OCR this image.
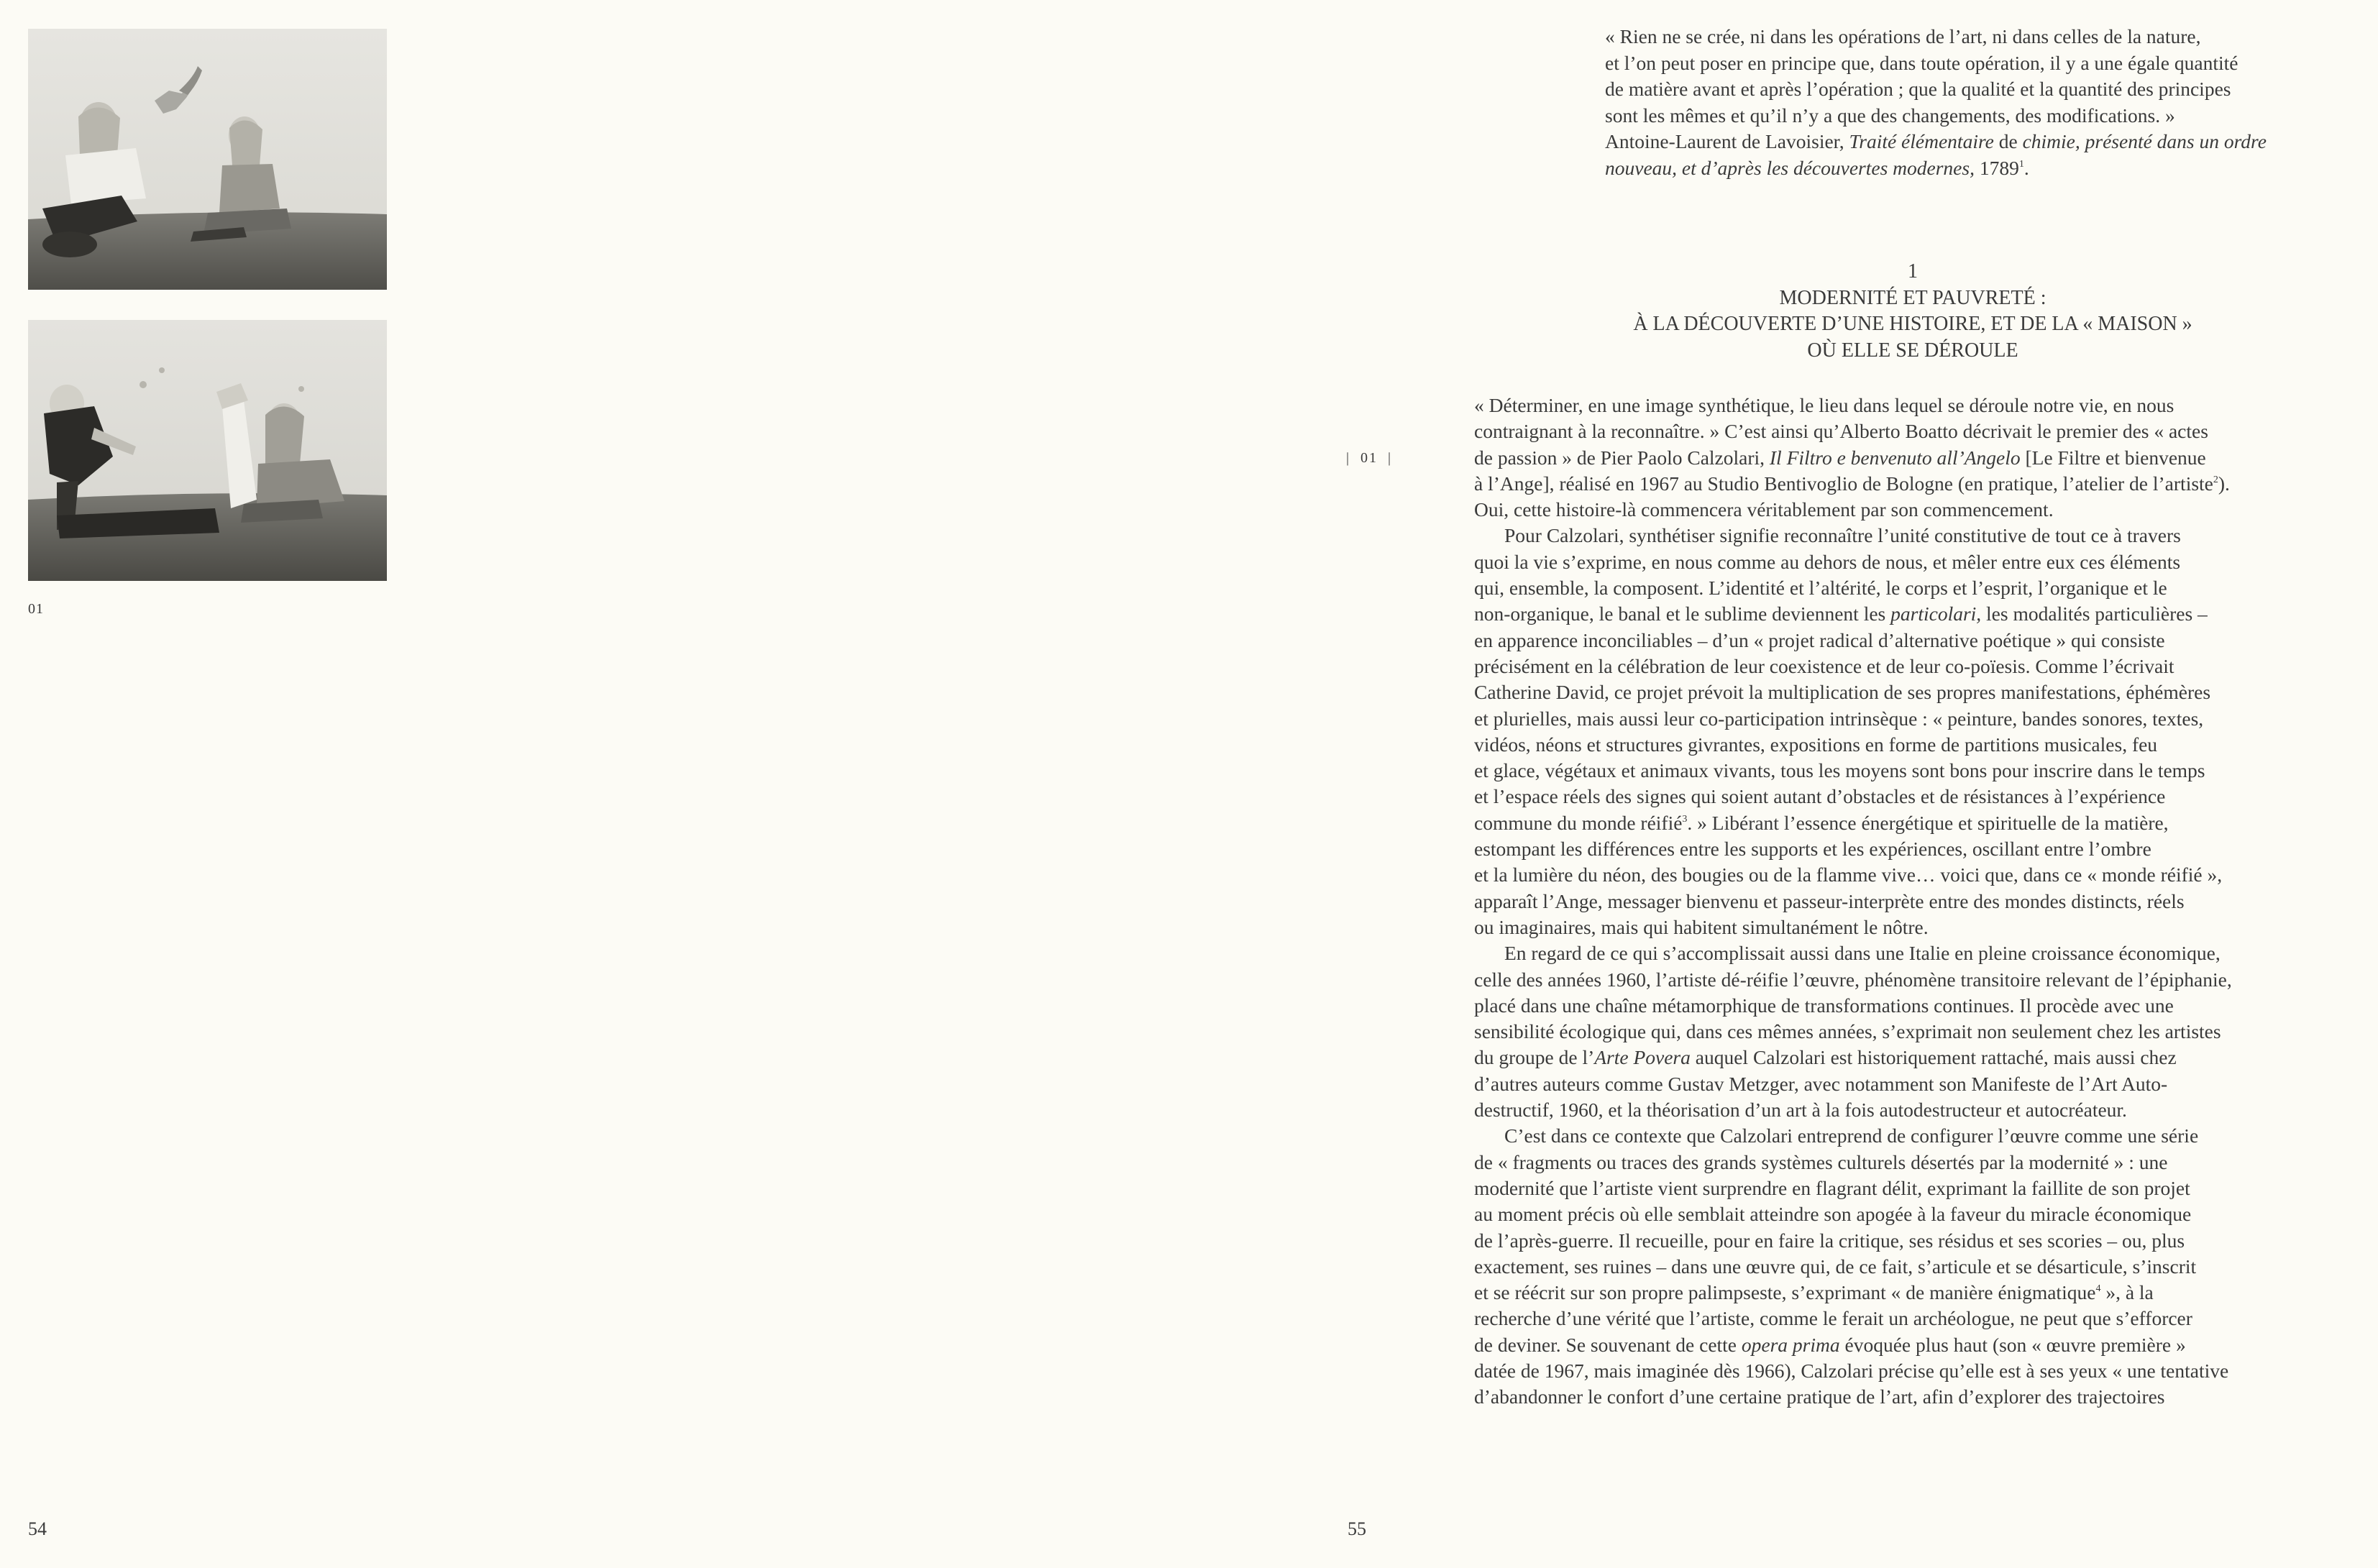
01
54
|  01  |
« Rien ne se crée, ni dans les opérations de l’art, ni dans celles de la nature,
et l’on peut poser en principe que, dans toute opération, il y a une égale quantité
de matière avant et après l’opération ; que la qualité et la quantité des principes
sont les mêmes et qu’il n’y a que des changements, des modifications. »
Antoine-Laurent de Lavoisier, Traité élémentaire de chimie, présenté dans un ordre
nouveau, et d’après les découvertes modernes, 1789$^1$.
1
MODERNITÉ ET PAUVRETÉ :
À LA DÉCOUVERTE D’UNE HISTOIRE, ET DE LA « MAISON »
OÙ ELLE SE DÉROULE
« Déterminer, en une image synthétique, le lieu dans lequel se déroule notre vie, en nous
contraignant à la reconnaître. » C’est ainsi qu’Alberto Boatto décrivait le premier des « actes
de passion » de Pier Paolo Calzolari, Il Filtro e benvenuto all’Angelo [Le Filtre et bienvenue
à l’Ange], réalisé en 1967 au Studio Bentivoglio de Bologne (en pratique, l’atelier de l’artiste$^2$).
Oui, cette histoire-là commencera véritablement par son commencement.
Pour Calzolari, synthétiser signifie reconnaître l’unité constitutive de tout ce à travers
quoi la vie s’exprime, en nous comme au dehors de nous, et mêler entre eux ces éléments
qui, ensemble, la composent. L’identité et l’altérité, le corps et l’esprit, l’organique et le
non-organique, le banal et le sublime deviennent les particolari, les modalités particulières –
en apparence inconciliables – d’un « projet radical d’alternative poétique » qui consiste
précisément en la célébration de leur coexistence et de leur co-poïesis. Comme l’écrivait
Catherine David, ce projet prévoit la multiplication de ses propres manifestations, éphémères
et plurielles, mais aussi leur co-participation intrinsèque : « peinture, bandes sonores, textes,
vidéos, néons et structures givrantes, expositions en forme de partitions musicales, feu
et glace, végétaux et animaux vivants, tous les moyens sont bons pour inscrire dans le temps
et l’espace réels des signes qui soient autant d’obstacles et de résistances à l’expérience
commune du monde réifié$^3$. » Libérant l’essence énergétique et spirituelle de la matière,
estompant les différences entre les supports et les expériences, oscillant entre l’ombre
et la lumière du néon, des bougies ou de la flamme vive… voici que, dans ce « monde réifié »,
apparaît l’Ange, messager bienvenu et passeur-interprète entre des mondes distincts, réels
ou imaginaires, mais qui habitent simultanément le nôtre.
En regard de ce qui s’accomplissait aussi dans une Italie en pleine croissance économique,
celle des années 1960, l’artiste dé-réifie l’œuvre, phénomène transitoire relevant de l’épiphanie,
placé dans une chaîne métamorphique de transformations continues. Il procède avec une
sensibilité écologique qui, dans ces mêmes années, s’exprimait non seulement chez les artistes
du groupe de l’Arte Povera auquel Calzolari est historiquement rattaché, mais aussi chez
d’autres auteurs comme Gustav Metzger, avec notamment son Manifeste de l’Art Auto-
destructif, 1960, et la théorisation d’un art à la fois autodestructeur et autocréateur.
C’est dans ce contexte que Calzolari entreprend de configurer l’œuvre comme une série
de « fragments ou traces des grands systèmes culturels désertés par la modernité » : une
modernité que l’artiste vient surprendre en flagrant délit, exprimant la faillite de son projet
au moment précis où elle semblait atteindre son apogée à la faveur du miracle économique
de l’après-guerre. Il recueille, pour en faire la critique, ses résidus et ses scories – ou, plus
exactement, ses ruines – dans une œuvre qui, de ce fait, s’articule et se désarticule, s’inscrit
et se réécrit sur son propre palimpseste, s’exprimant « de manière énigmatique$^4$ », à la
recherche d’une vérité que l’artiste, comme le ferait un archéologue, ne peut que s’efforcer
de deviner. Se souvenant de cette opera prima évoquée plus haut (son « œuvre première »
datée de 1967, mais imaginée dès 1966), Calzolari précise qu’elle est à ses yeux « une tentative
d’abandonner le confort d’une certaine pratique de l’art, afin d’explorer des trajectoires
55
